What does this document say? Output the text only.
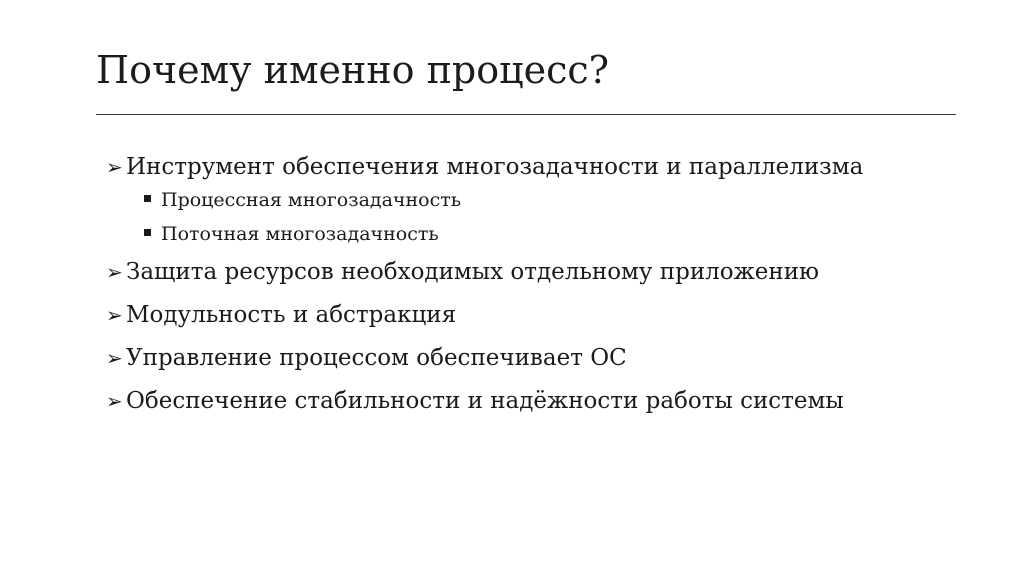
Почему именно процесс?
➢ Инструмент обеспечения многозадачности и параллелизма
Процессная многозадачность
Поточная многозадачность
➢ Защита ресурсов необходимых отдельному приложению
➢ Модульность и абстракция
➢ Управление процессом обеспечивает ОС
➢ Обеспечение стабильности и надёжности работы системы
